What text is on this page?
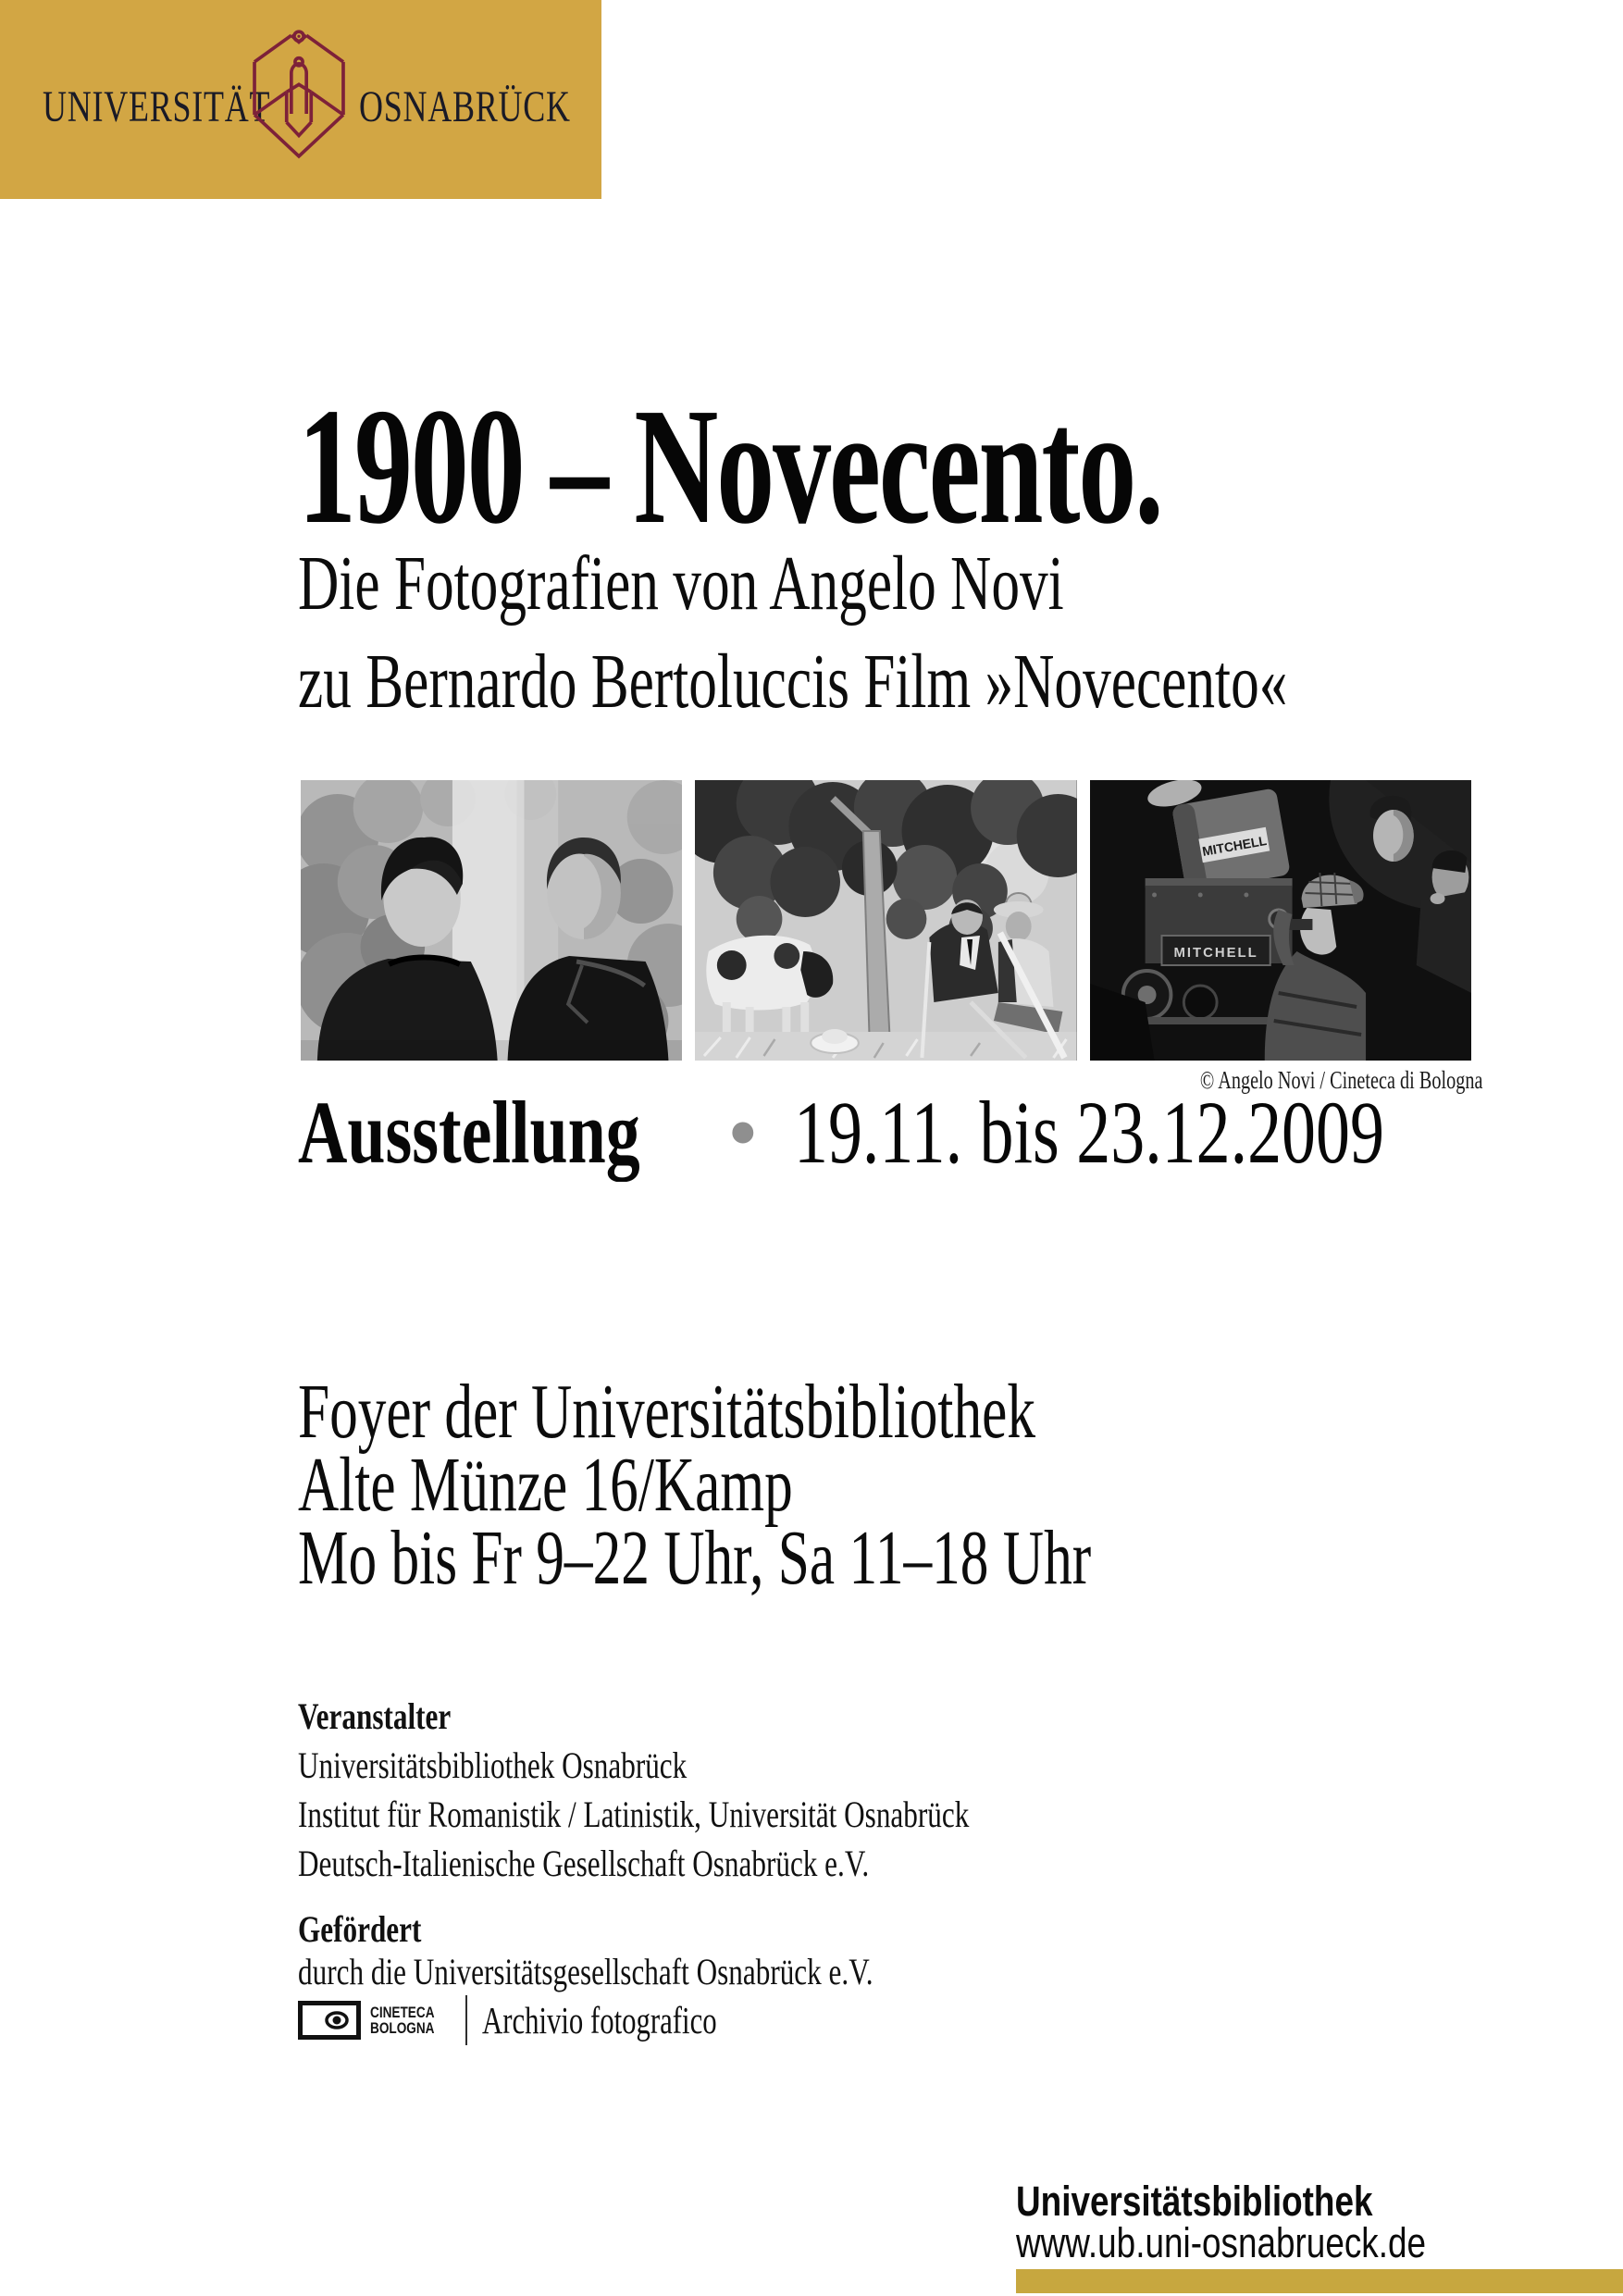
UNIVERSITÄT	OSNABRÜCK
1900 – Novecento.
Die Fotografien von Angelo Novi
zu Bernardo Bertoluccis Film »Novecento«
MITCHELL
MITCHELL
© Angelo Novi / Cineteca di Bologna
Ausstellung • 19.11. bis 23.12.2009
Foyer der Universitätsbibliothek
Alte Münze 16/Kamp
Mo bis Fr 9–22 Uhr, Sa 11–18 Uhr
Veranstalter
Universitätsbibliothek Osnabrück
Institut für Romanistik / Latinistik, Universität Osnabrück
Deutsch-Italienische Gesellschaft Osnabrück e.V.
Gefördert
durch die Universitätsgesellschaft Osnabrück e.V.
CINETECA
BOLOGNA	Archivio fotografico
Universitätsbibliothek
www.ub.uni-osnabrueck.de
